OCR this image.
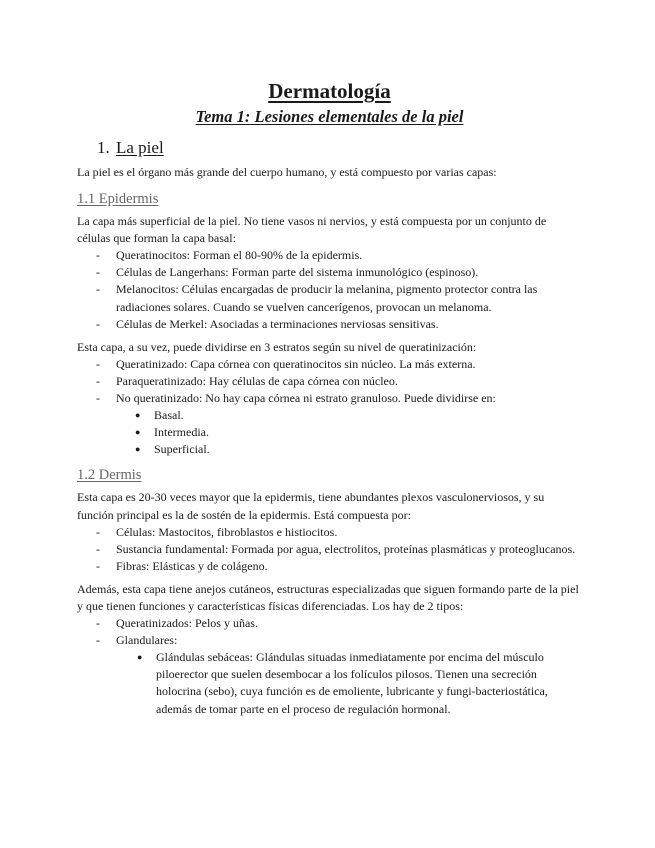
Dermatología
Tema 1: Lesiones elementales de la piel
1. La piel

La piel es el órgano más grande del cuerpo humano, y está compuesto por varias capas:

1.1 Epidermis

La capa más superficial de la piel. No tiene vasos ni nervios, y está compuesta por un conjunto de células que forman la capa basal:

- Queratinocitos: Forman el 80-90% de la epidermis.
- Células de Langerhans: Forman parte del sistema inmunológico (espinoso).
- Melanocitos: Células encargadas de producir la melanina, pigmento protector contra las radiaciones solares. Cuando se vuelven cancerígenos, provocan un melanoma.
- Células de Merkel: Asociadas a terminaciones nerviosas sensitivas.

Esta capa, a su vez, puede dividirse en 3 estratos según su nivel de queratinización:

- Queratinizado: Capa córnea con queratinocitos sin núcleo. La más externa.
- Paraqueratinizado: Hay células de capa córnea con núcleo.
- No queratinizado: No hay capa córnea ni estrato granuloso. Puede dividirse en:
● Basal.
● Intermedia.
● Superficial.
1.2 Dermis

Esta capa es 20-30 veces mayor que la epidermis, tiene abundantes plexos vasculonerviosos, y su función principal es la de sostén de la epidermis. Está compuesta por:

- Células: Mastocitos, fibroblastos e histiocitos.
- Sustancia fundamental: Formada por agua, electrolitos, proteínas plasmáticas y proteoglucanos.
- Fibras: Elásticas y de colágeno.

Además, esta capa tiene anejos cutáneos, estructuras especializadas que siguen formando parte de la piel y que tienen funciones y características físicas diferenciadas. Los hay de 2 tipos:

- Queratinizados: Pelos y uñas.
- Glandulares:
● Glándulas sebáceas: Glándulas situadas inmediatamente por encima del músculo piloerector que suelen desembocar a los folículos pilosos. Tienen una secreción holocrina (sebo), cuya función es de emoliente, lubricante y fungi-bacteriostática, además de tomar parte en el proceso de regulación hormonal.
